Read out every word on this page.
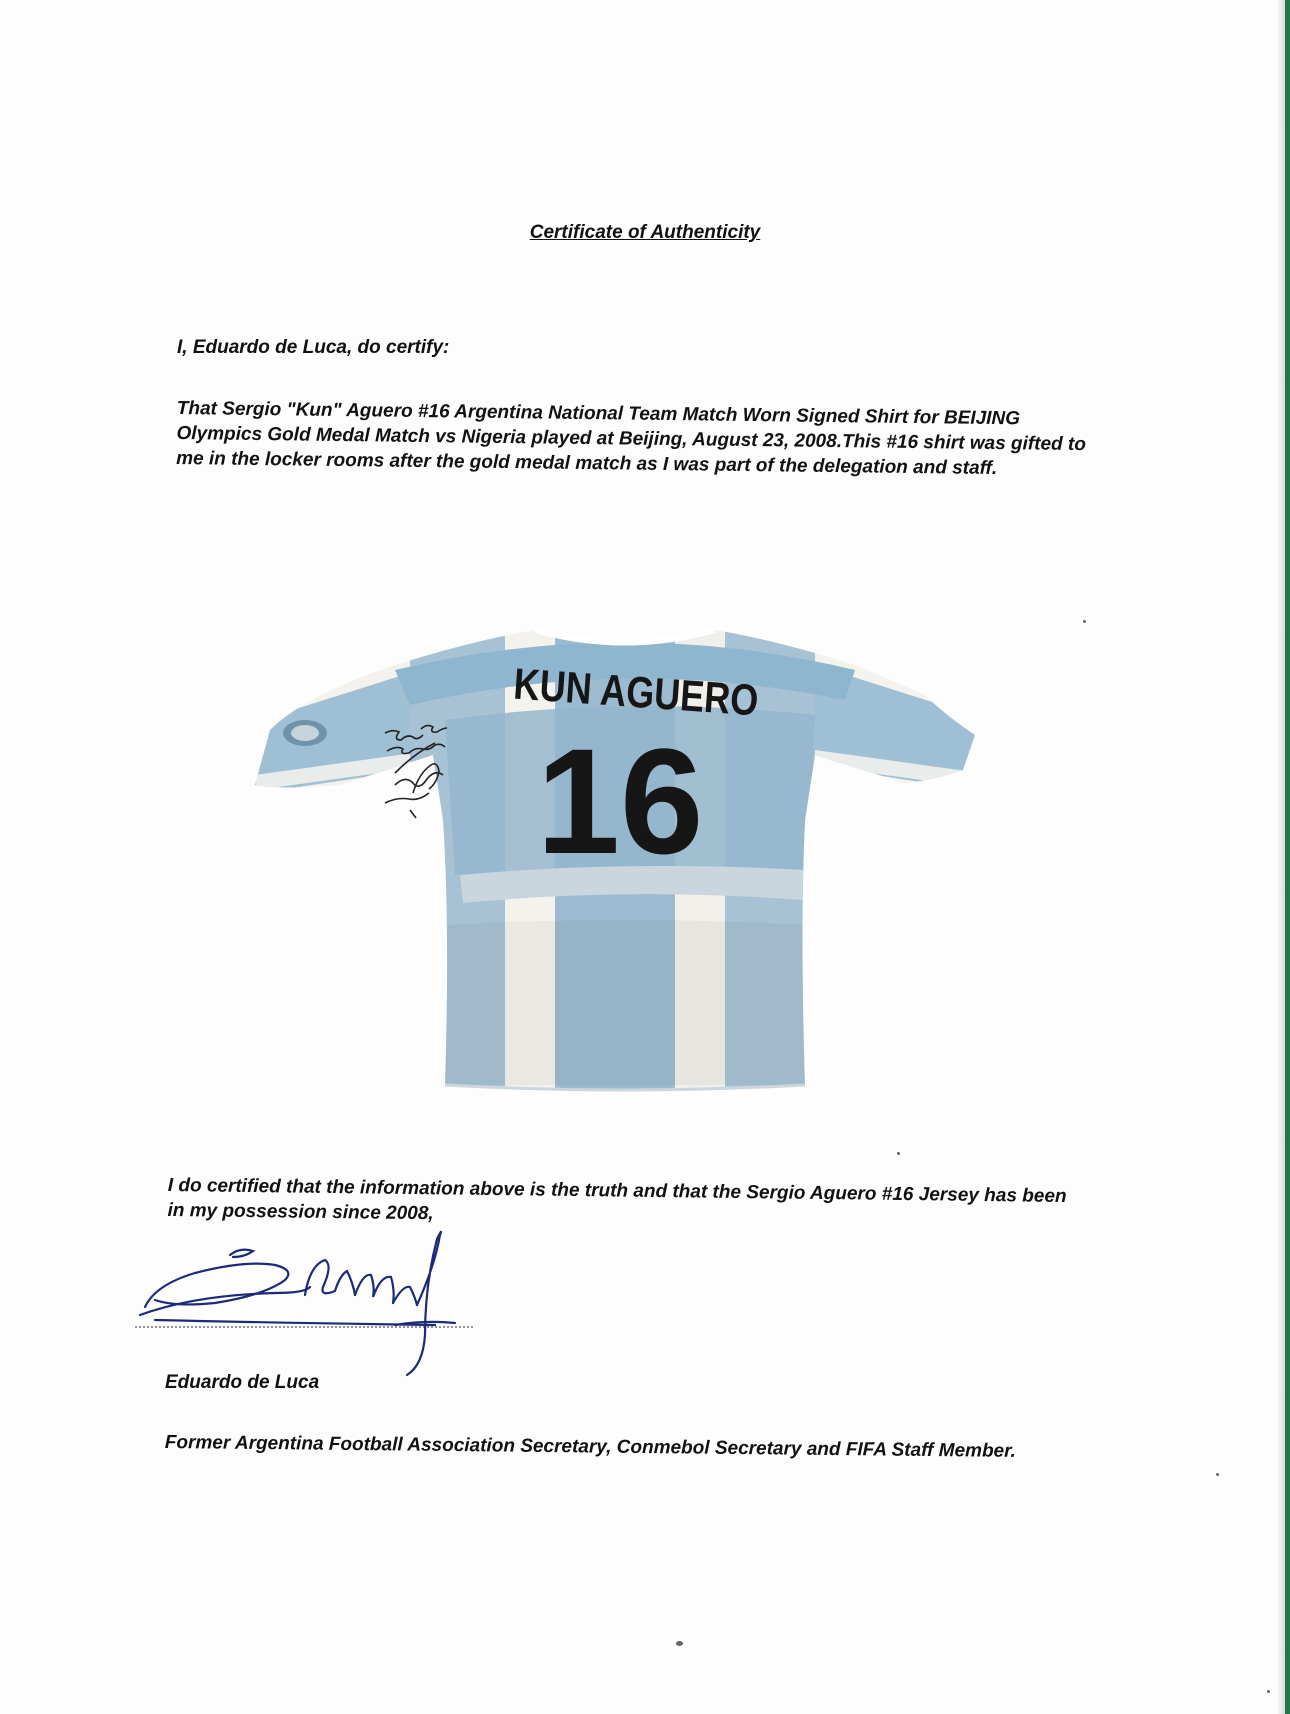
Certificate of Authenticity

I, Eduardo de Luca, do certify:

That Sergio "Kun" Aguero #16 Argentina National Team Match Worn Signed Shirt for BEIJING Olympics Gold Medal Match vs Nigeria played at Beijing, August 23, 2008.This #16 shirt was gifted to me in the locker rooms after the gold medal match as I was part of the delegation and staff.

KUN AGUERO
16

I do certified that the information above is the truth and that the Sergio Aguero #16 Jersey has been in my possession since 2008,

Eduardo de Luca

Former Argentina Football Association Secretary, Conmebol Secretary and FIFA Staff Member.
